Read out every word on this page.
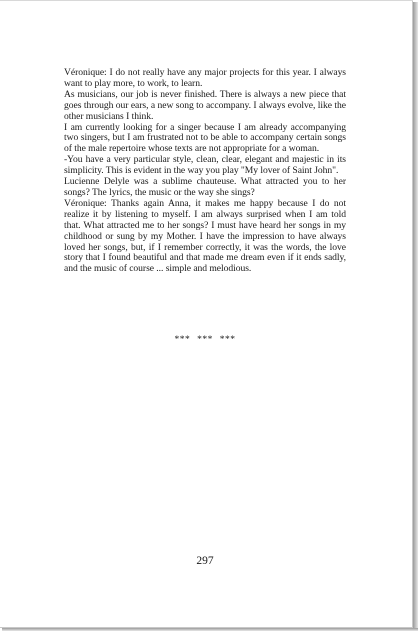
Véronique: I do not really have any major projects for this year. I always want to play more, to work, to learn.

As musicians, our job is never finished. There is always a new piece that goes through our ears, a new song to accompany. I always evolve, like the other musicians I think.

I am currently looking for a singer because I am already accompanying two singers, but I am frustrated not to be able to accompany certain songs of the male repertoire whose texts are not appropriate for a woman.

-You have a very particular style, clean, clear, elegant and majestic in its simplicity. This is evident in the way you play "My lover of Saint John".

Lucienne Delyle was a sublime chauteuse. What attracted you to her songs? The lyrics, the music or the way she sings?

Véronique: Thanks again Anna, it makes me happy because I do not realize it by listening to myself. I am always surprised when I am told that. What attracted me to her songs? I must have heard her songs in my childhood or sung by my Mother. I have the impression to have always loved her songs, but, if I remember correctly, it was the words, the love story that I found beautiful and that made me dream even if it ends sadly, and the music of course ... simple and melodious.

*** *** ***
297
